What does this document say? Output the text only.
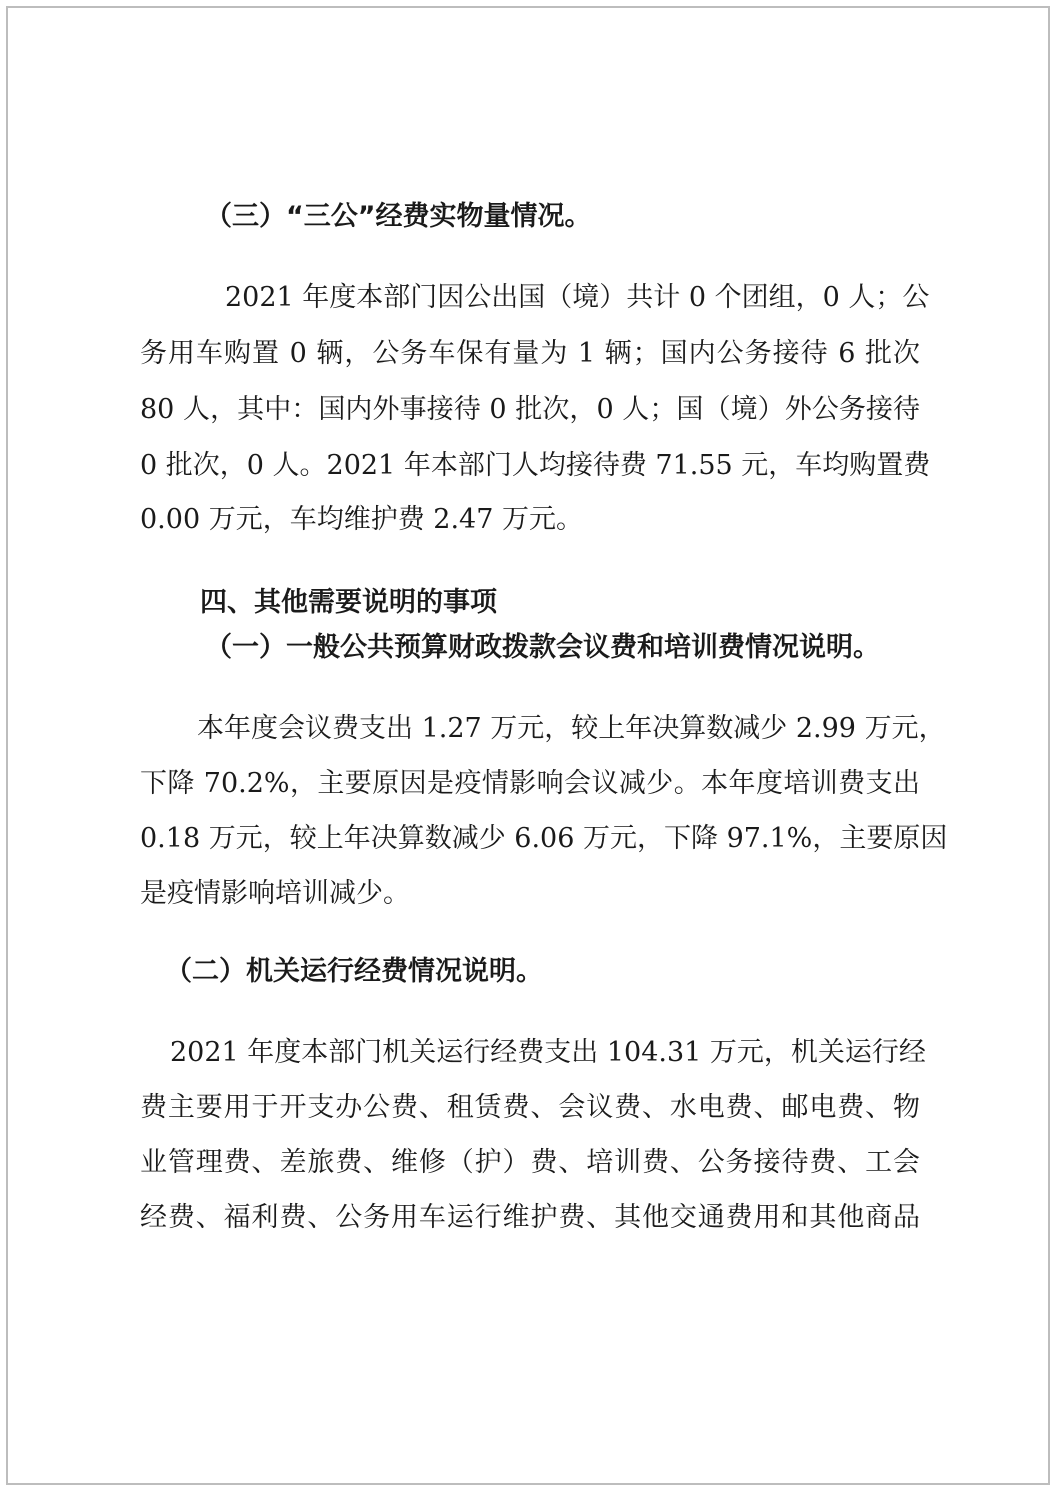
（三）“三公”经费实物量情况。
2021 年度本部门因公出国（境）共计 0 个团组，0 人；公
务用车购置 0 辆，公务车保有量为 1 辆；国内公务接待 6 批次
80 人，其中：国内外事接待 0 批次，0 人；国（境）外公务接待
0 批次，0 人。2021 年本部门人均接待费 71.55 元，车均购置费
0.00 万元，车均维护费 2.47 万元。
四、其他需要说明的事项
（一）一般公共预算财政拨款会议费和培训费情况说明。
本年度会议费支出 1.27 万元，较上年决算数减少 2.99 万元，
下降 70.2%，主要原因是疫情影响会议减少。本年度培训费支出
0.18 万元，较上年决算数减少 6.06 万元，下降 97.1%，主要原因
是疫情影响培训减少。
（二）机关运行经费情况说明。
2021 年度本部门机关运行经费支出 104.31 万元，机关运行经
费主要用于开支办公费、租赁费、会议费、水电费、邮电费、物
业管理费、差旅费、维修（护）费、培训费、公务接待费、工会
经费、福利费、公务用车运行维护费、其他交通费用和其他商品
